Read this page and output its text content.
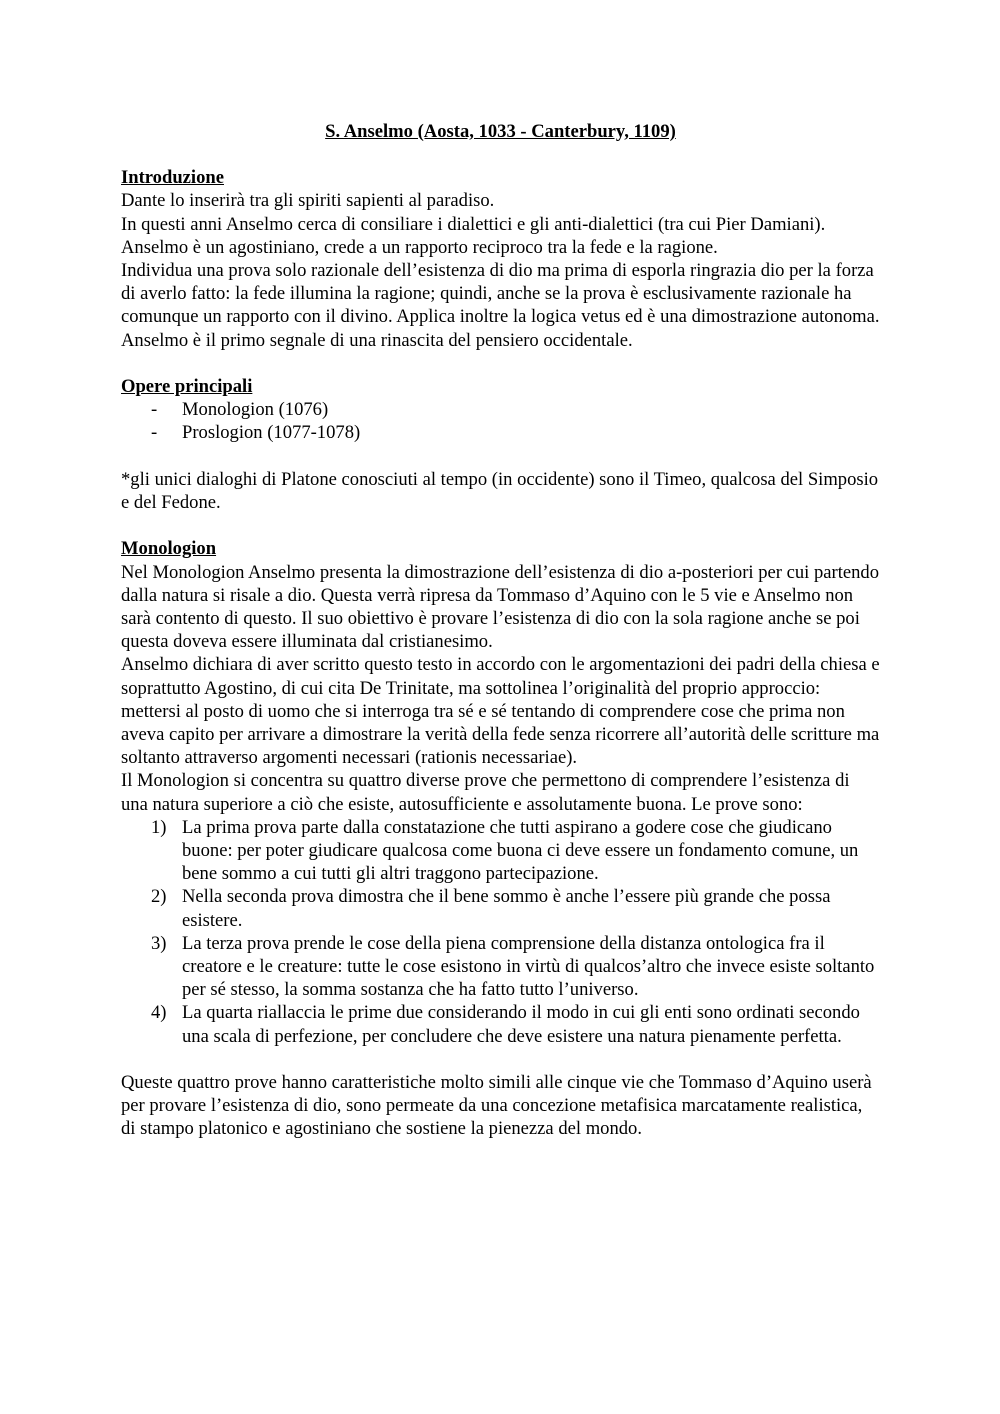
S. Anselmo (Aosta, 1033 - Canterbury, 1109)

Introduzione

Dante lo inserirà tra gli spiriti sapienti al paradiso.

In questi anni Anselmo cerca di consiliare i dialettici e gli anti-dialettici (tra cui Pier Damiani).

Anselmo è un agostiniano, crede a un rapporto reciproco tra la fede e la ragione.

Individua una prova solo razionale dell’esistenza di dio ma prima di esporla ringrazia dio per la forza di averlo fatto: la fede illumina la ragione; quindi, anche se la prova è esclusivamente razionale ha comunque un rapporto con il divino. Applica inoltre la logica vetus ed è una dimostrazione autonoma.

Anselmo è il primo segnale di una rinascita del pensiero occidentale.

Opere principali

- Monologion (1076)
- Proslogion (1077-1078)

*gli unici dialoghi di Platone conosciuti al tempo (in occidente) sono il Timeo, qualcosa del Simposio e del Fedone.

Monologion

Nel Monologion Anselmo presenta la dimostrazione dell’esistenza di dio a-posteriori per cui partendo dalla natura si risale a dio. Questa verrà ripresa da Tommaso d’Aquino con le 5 vie e Anselmo non sarà contento di questo. Il suo obiettivo è provare l’esistenza di dio con la sola ragione anche se poi questa doveva essere illuminata dal cristianesimo.

Anselmo dichiara di aver scritto questo testo in accordo con le argomentazioni dei padri della chiesa e soprattutto Agostino, di cui cita De Trinitate, ma sottolinea l’originalità del proprio approccio: mettersi al posto di uomo che si interroga tra sé e sé tentando di comprendere cose che prima non aveva capito per arrivare a dimostrare la verità della fede senza ricorrere all’autorità delle scritture ma soltanto attraverso argomenti necessari (rationis necessariae).

Il Monologion si concentra su quattro diverse prove che permettono di comprendere l’esistenza di una natura superiore a ciò che esiste, autosufficiente e assolutamente buona. Le prove sono:

1) La prima prova parte dalla constatazione che tutti aspirano a godere cose che giudicano buone: per poter giudicare qualcosa come buona ci deve essere un fondamento comune, un bene sommo a cui tutti gli altri traggono partecipazione.
2) Nella seconda prova dimostra che il bene sommo è anche l’essere più grande che possa esistere.
3) La terza prova prende le cose della piena comprensione della distanza ontologica fra il creatore e le creature: tutte le cose esistono in virtù di qualcos’altro che invece esiste soltanto per sé stesso, la somma sostanza che ha fatto tutto l’universo.
4) La quarta riallaccia le prime due considerando il modo in cui gli enti sono ordinati secondo una scala di perfezione, per concludere che deve esistere una natura pienamente perfetta.

Queste quattro prove hanno caratteristiche molto simili alle cinque vie che Tommaso d’Aquino userà per provare l’esistenza di dio, sono permeate da una concezione metafisica marcatamente realistica, di stampo platonico e agostiniano che sostiene la pienezza del mondo.
